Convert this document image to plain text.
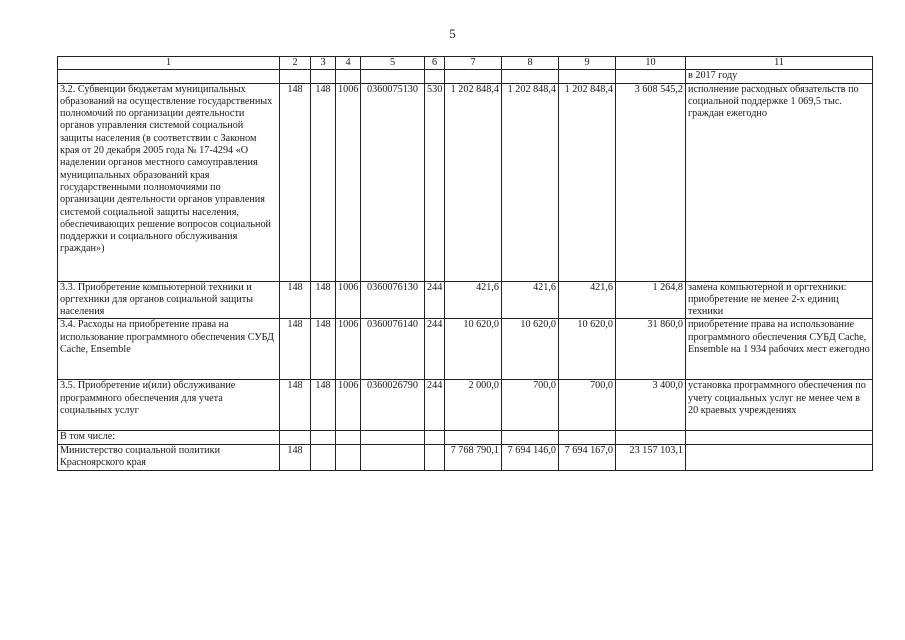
5
1	2	3	4	5	6	7	8	9	10	11
										в 2017 году
3.2. Субвенции бюджетам муниципальных образований на осуществление государственных полномочий по организации деятельности органов управления системой социальной защиты населения (в соответствии с Законом края от 20 декабря 2005 года № 17-4294 «О наделении органов местного самоуправления муниципальных образований края государственными полномочиями по организации деятельности органов управления системой социальной защиты населения, обеспечивающих решение вопросов социальной поддержки и социального обслуживания граждан»)	148	148	1006	0360075130	530	1 202 848,4	1 202 848,4	1 202 848,4	3 608 545,2	исполнение расходных обязательств по социальной поддержке 1 069,5 тыс. граждан ежегодно
3.3. Приобретение компьютерной техники и оргтехники для органов социальной защиты населения	148	148	1006	0360076130	244	421,6	421,6	421,6	1 264,8	замена компьютерной и оргтехники: приобретение не менее 2-х единиц техники
3.4. Расходы на приобретение права на использование программного обеспечения СУБД Cache, Ensemble	148	148	1006	0360076140	244	10 620,0	10 620,0	10 620,0	31 860,0	приобретение права на использование программного обеспечения СУБД Cache, Ensemble на 1 934 рабочих мест ежегодно
3.5. Приобретение и(или) обслуживание программного обеспечения для учета социальных услуг	148	148	1006	0360026790	244	2 000,0	700,0	700,0	3 400,0	установка программного обеспечения по учету социальных услуг не менее чем в 20 краевых учреждениях
В том числе:										
Министерство социальной политики Красноярского края	148					7 768 790,1	7 694 146,0	7 694 167,0	23 157 103,1	
